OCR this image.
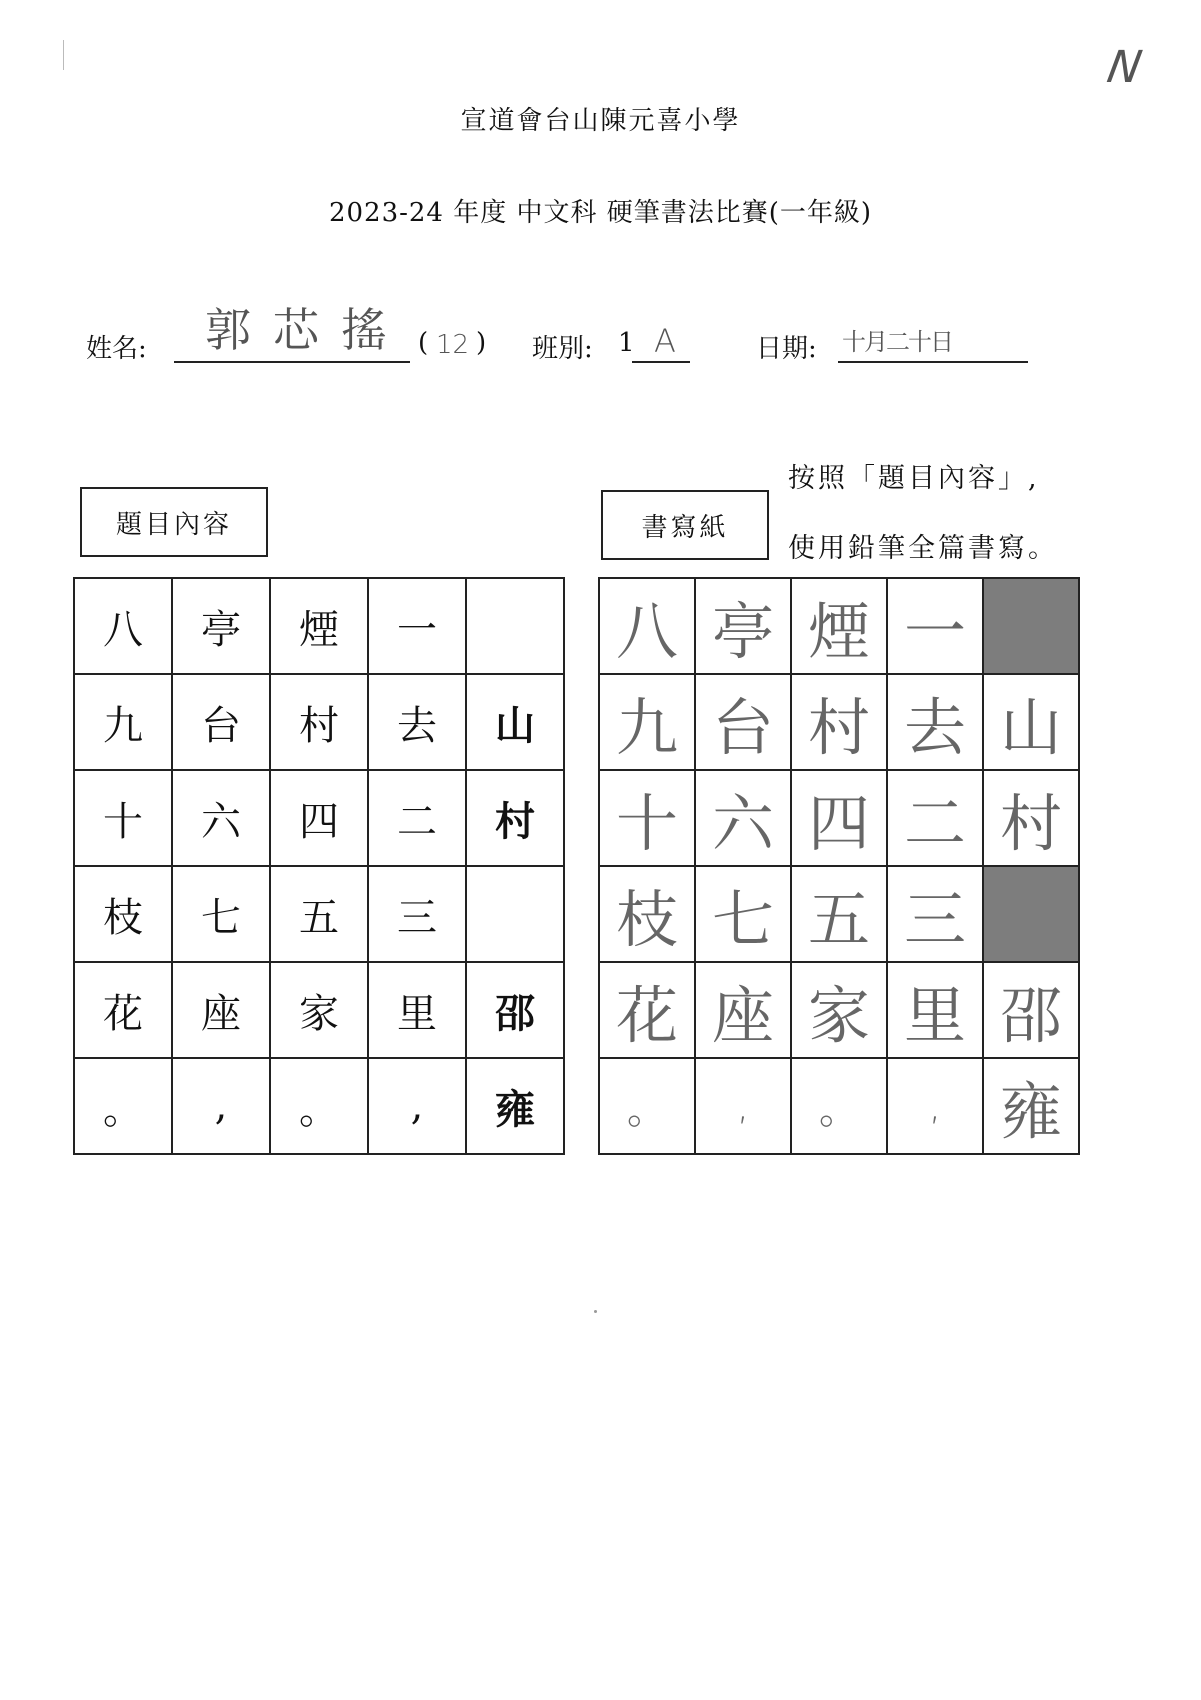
N
宣道會台山陳元喜小學
2023-24 年度 中文科 硬筆書法比賽(一年級)
姓名: 郭芯搖 ( 12 ) 班別: 1 A	日期: 十月二十日
按照「題目內容」,
使用鉛筆全篇書寫。
題目內容	書寫紙
八	亭	煙	一	
九	台	村	去	山
十	六	四	二	村
枝	七	五	三	
花	座	家	里	邵
。	,	。	,	雍
八	亭	煙	一	
九	台	村	去	山
十	六	四	二	村
枝	七	五	三	
花	座	家	里	邵
。	,	。	,	雍
